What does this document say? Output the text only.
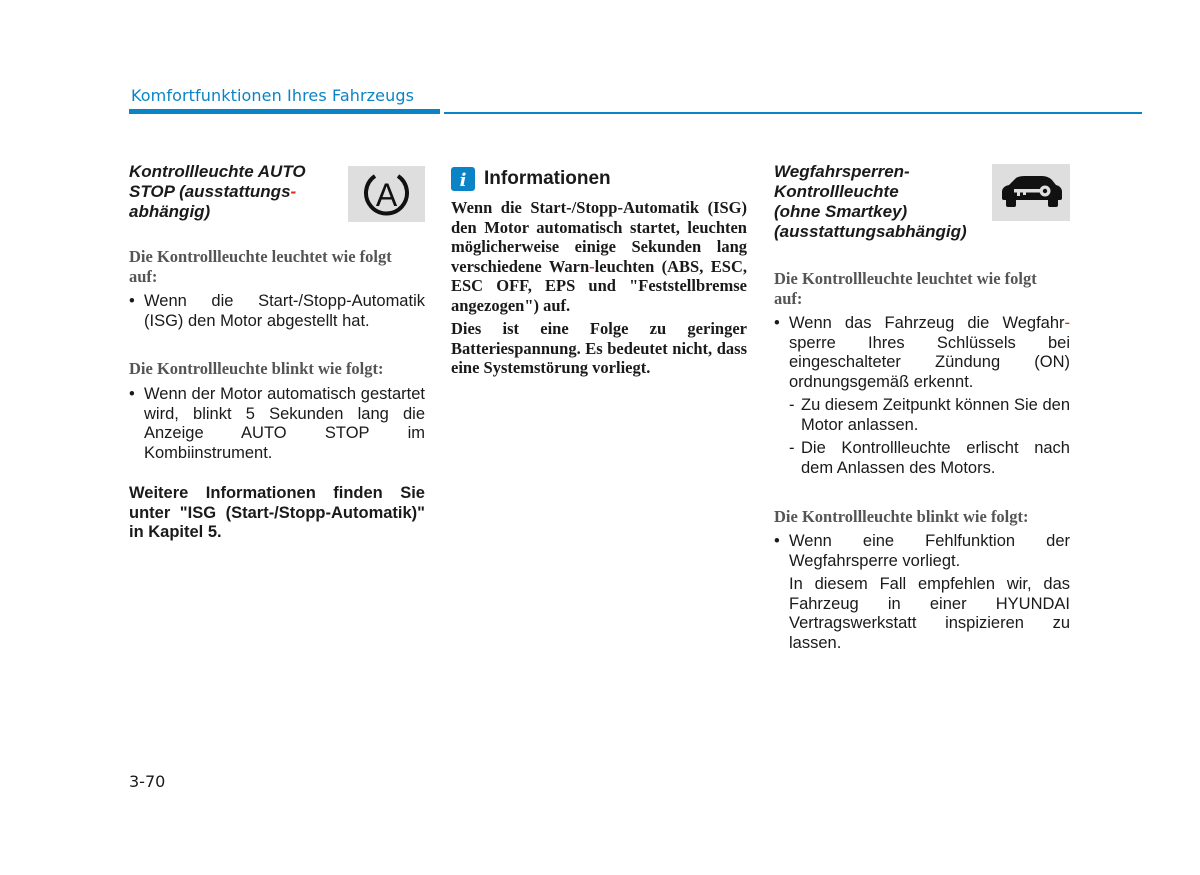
Komfortfunktionen Ihres Fahrzeugs
A

Kontrollleuchte AUTO
STOP (ausstattungs-
abhängig)

Die Kontrollleuchte leuchtet wie folgt auf:

• Wenn die Start-/Stopp-Automatik (ISG) den Motor abgestellt hat.

Die Kontrollleuchte blinkt wie folgt:

• Wenn der Motor automatisch gestartet wird, blinkt 5 Sekunden lang die Anzeige AUTO STOP im Kombiinstrument.

Weitere Informationen finden Sie unter "ISG (Start-/Stopp-Automatik)" in Kapitel 5.

i Informationen

Wenn die Start-/Stopp-Automatik (ISG) den Motor automatisch startet, leuchten möglicherweise einige Sekunden lang verschiedene Warn-leuchten (ABS, ESC, ESC OFF, EPS und "Feststellbremse angezogen") auf.

Dies ist eine Folge zu geringer Batteriespannung. Es bedeutet nicht, dass eine Systemstörung vorliegt.

Wegfahrsperren-
Kontrollleuchte
(ohne Smartkey)
(ausstattungsabhängig)

Die Kontrollleuchte leuchtet wie folgt auf:

• Wenn das Fahrzeug die Wegfahr- sperre Ihres Schlüssels bei eingeschalteter Zündung (ON) ordnungsgemäß erkennt.

- Zu diesem Zeitpunkt können Sie den Motor anlassen.

- Die Kontrollleuchte erlischt nach dem Anlassen des Motors.

Die Kontrollleuchte blinkt wie folgt:

• Wenn eine Fehlfunktion der Wegfahrsperre vorliegt.

In diesem Fall empfehlen wir, das Fahrzeug in einer HYUNDAI Vertragswerkstatt inspizieren zu lassen.

3-70
